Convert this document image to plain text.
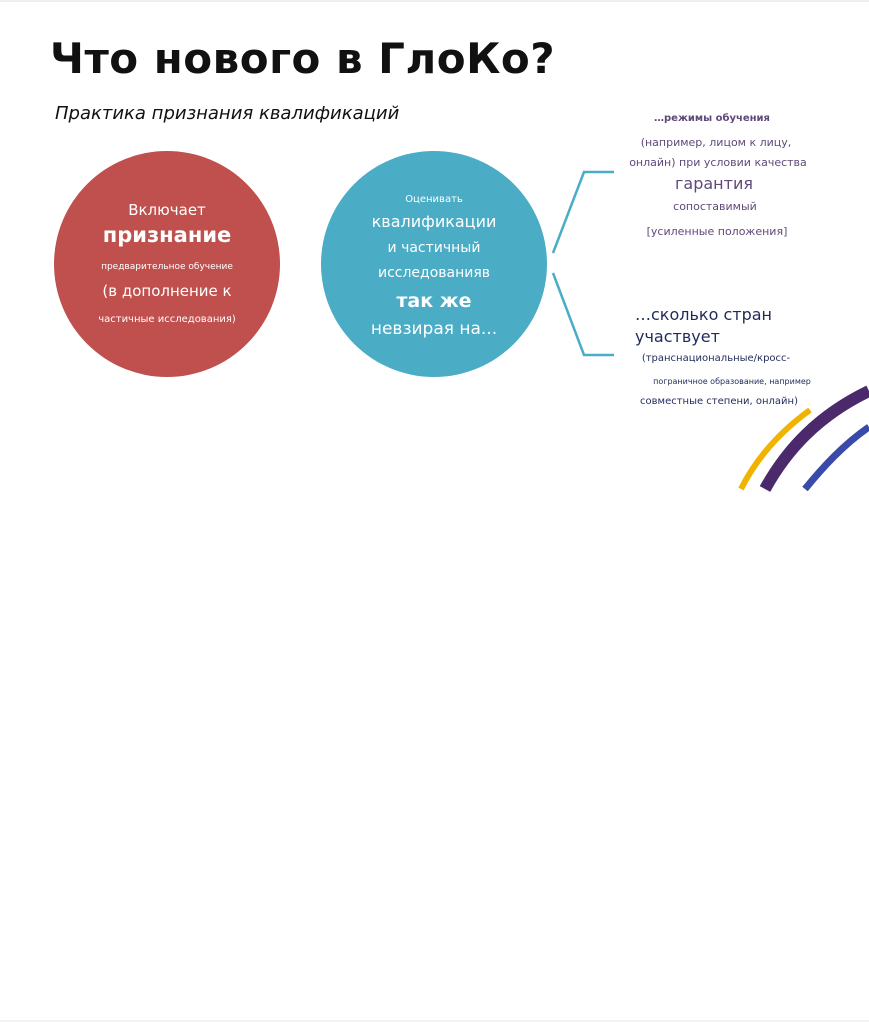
Что нового в ГлоКо?
Практика признания квалификаций
Включает
признание
предварительное обучение
(в дополнение к
частичные исследования)
Оценивать
квалификации
и частичный
исследованияв
так же
невзирая на...
…режимы обучения
(например, лицом к лицу,
онлайн) при условии качества
гарантия
сопоставимый
[усиленные положения]
…сколько стран
участвует
(транснациональные/кросс-
пограничное образование, например
совместные степени, онлайн)
